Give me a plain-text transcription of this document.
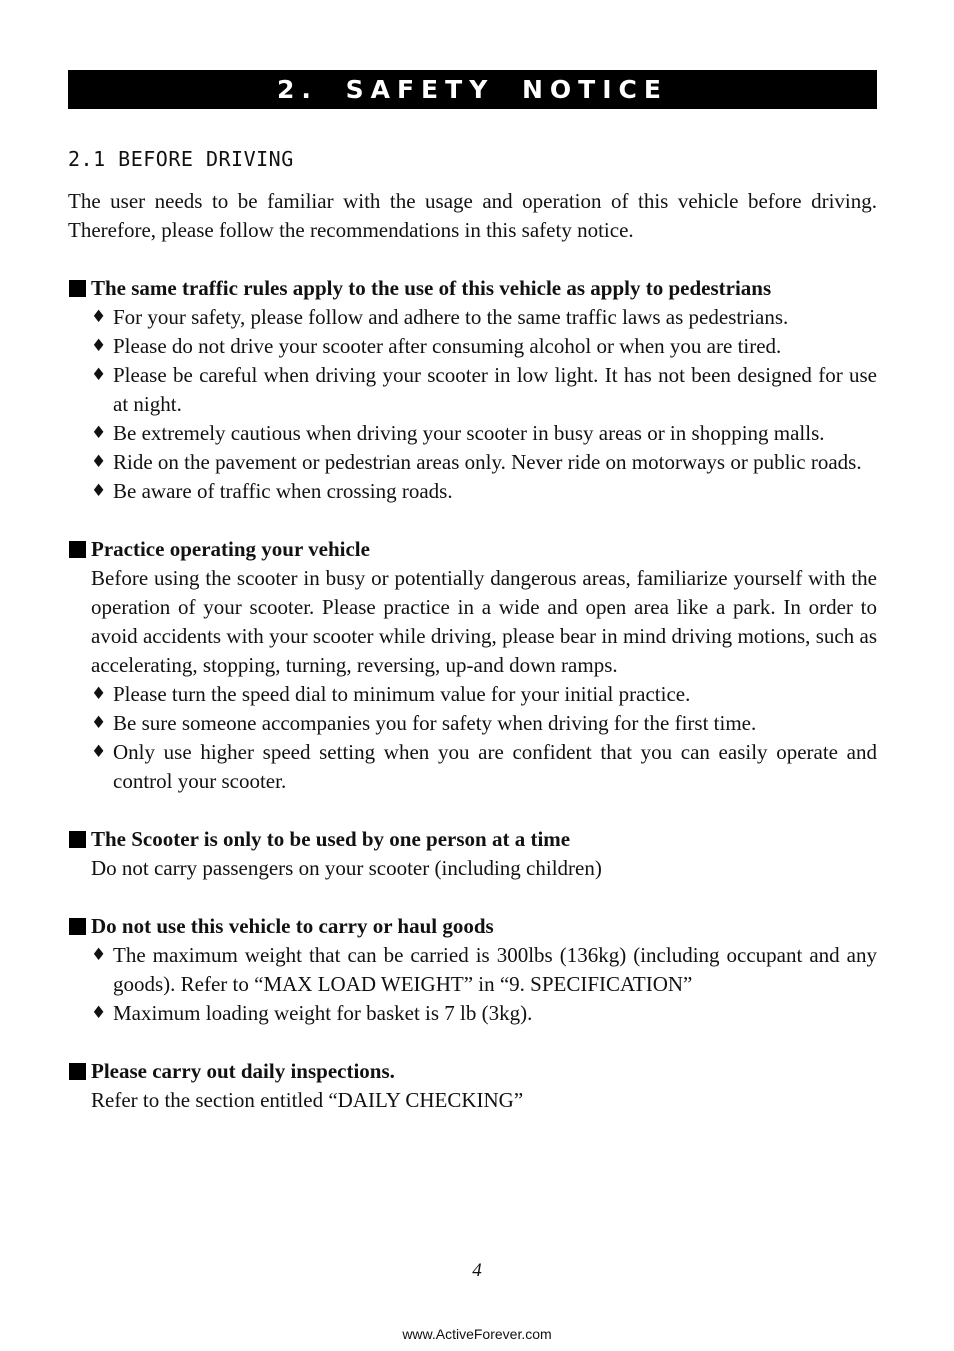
2. SAFETY NOTICE
2.1 BEFORE DRIVING
The user needs to be familiar with the usage and operation of this vehicle before driving. Therefore, please follow the recommendations in this safety notice.
The same traffic rules apply to the use of this vehicle as apply to pedestrians
♦ For your safety, please follow and adhere to the same traffic laws as pedestrians.
♦ Please do not drive your scooter after consuming alcohol or when you are tired.
♦ Please be careful when driving your scooter in low light. It has not been designed for use at night.
♦ Be extremely cautious when driving your scooter in busy areas or in shopping malls.
♦ Ride on the pavement or pedestrian areas only. Never ride on motorways or public roads.
♦ Be aware of traffic when crossing roads.
Practice operating your vehicle
Before using the scooter in busy or potentially dangerous areas, familiarize yourself with the operation of your scooter. Please practice in a wide and open area like a park. In order to avoid accidents with your scooter while driving, please bear in mind driving motions, such as accelerating, stopping, turning, reversing, up-and down ramps.
♦ Please turn the speed dial to minimum value for your initial practice.
♦ Be sure someone accompanies you for safety when driving for the first time.
♦ Only use higher speed setting when you are confident that you can easily operate and control your scooter.
The Scooter is only to be used by one person at a time
Do not carry passengers on your scooter (including children)
Do not use this vehicle to carry or haul goods
♦ The maximum weight that can be carried is 300lbs (136kg) (including occupant and any goods). Refer to “MAX LOAD WEIGHT” in “9. SPECIFICATION”
♦ Maximum loading weight for basket is 7 lb (3kg).
Please carry out daily inspections.
Refer to the section entitled “DAILY CHECKING”
4
www.ActiveForever.com
